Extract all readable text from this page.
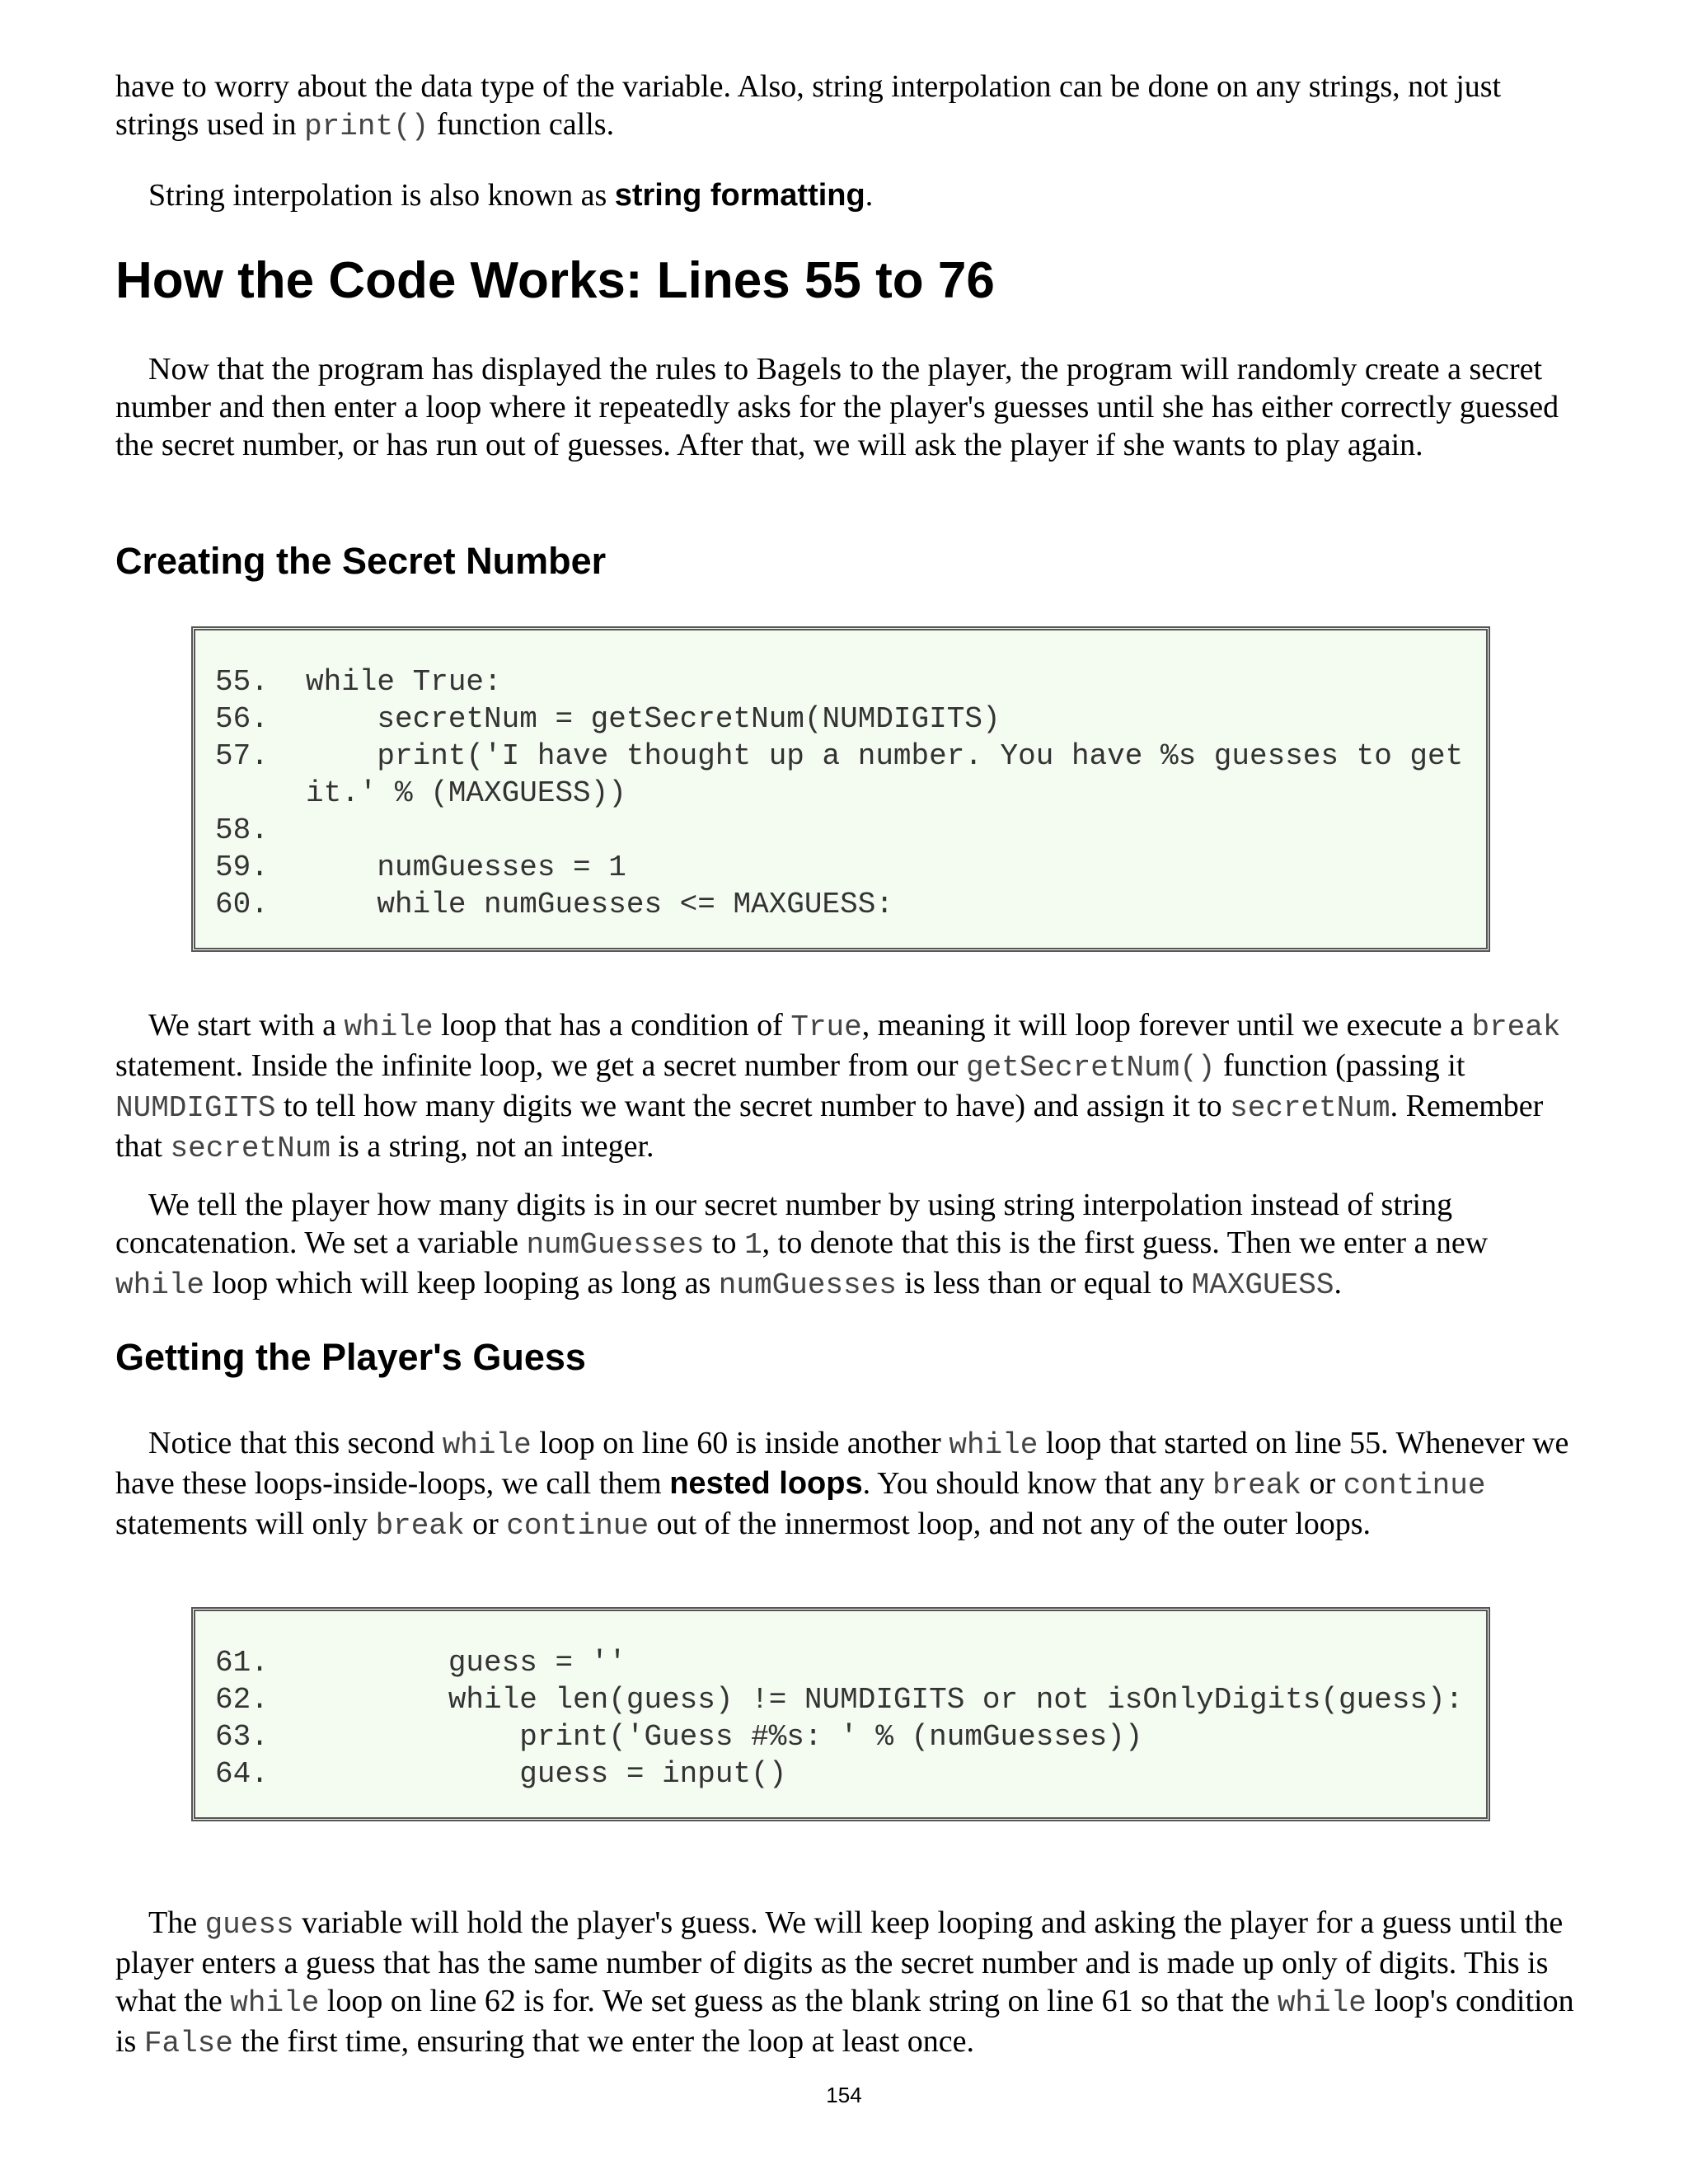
have to worry about the data type of the variable. Also, string interpolation can be done on any strings, not just strings used in print() function calls.

String interpolation is also known as string formatting.

How the Code Works: Lines 55 to 76

Now that the program has displayed the rules to Bagels to the player, the program will randomly create a secret number and then enter a loop where it repeatedly asks for the player's guesses until she has either correctly guessed the secret number, or has run out of guesses. After that, we will ask the player if she wants to play again.

Creating the Secret Number
55.	while True:
56.	secretNum = getSecretNum(NUMDIGITS)
57.	print('I have thought up a number. You have %s guesses to get it.' % (MAXGUESS))
58.
59.	numGuesses = 1
60.	while numGuesses <= MAXGUESS:

We start with a while loop that has a condition of True, meaning it will loop forever until we execute a break statement. Inside the infinite loop, we get a secret number from our getSecretNum() function (passing it NUMDIGITS to tell how many digits we want the secret number to have) and assign it to secretNum. Remember that secretNum is a string, not an integer.

We tell the player how many digits is in our secret number by using string interpolation instead of string concatenation. We set a variable numGuesses to 1, to denote that this is the first guess. Then we enter a new while loop which will keep looping as long as numGuesses is less than or equal to MAXGUESS.

Getting the Player's Guess

Notice that this second while loop on line 60 is inside another while loop that started on line 55. Whenever we have these loops-inside-loops, we call them nested loops. You should know that any break or continue statements will only break or continue out of the innermost loop, and not any of the outer loops.

61.	guess = ''
62.	while len(guess) != NUMDIGITS or not isOnlyDigits(guess):
63.	print('Guess #%s: ' % (numGuesses))
64.	guess = input()

The guess variable will hold the player's guess. We will keep looping and asking the player for a guess until the player enters a guess that has the same number of digits as the secret number and is made up only of digits. This is what the while loop on line 62 is for. We set guess as the blank string on line 61 so that the while loop's condition is False the first time, ensuring that we enter the loop at least once.

154
